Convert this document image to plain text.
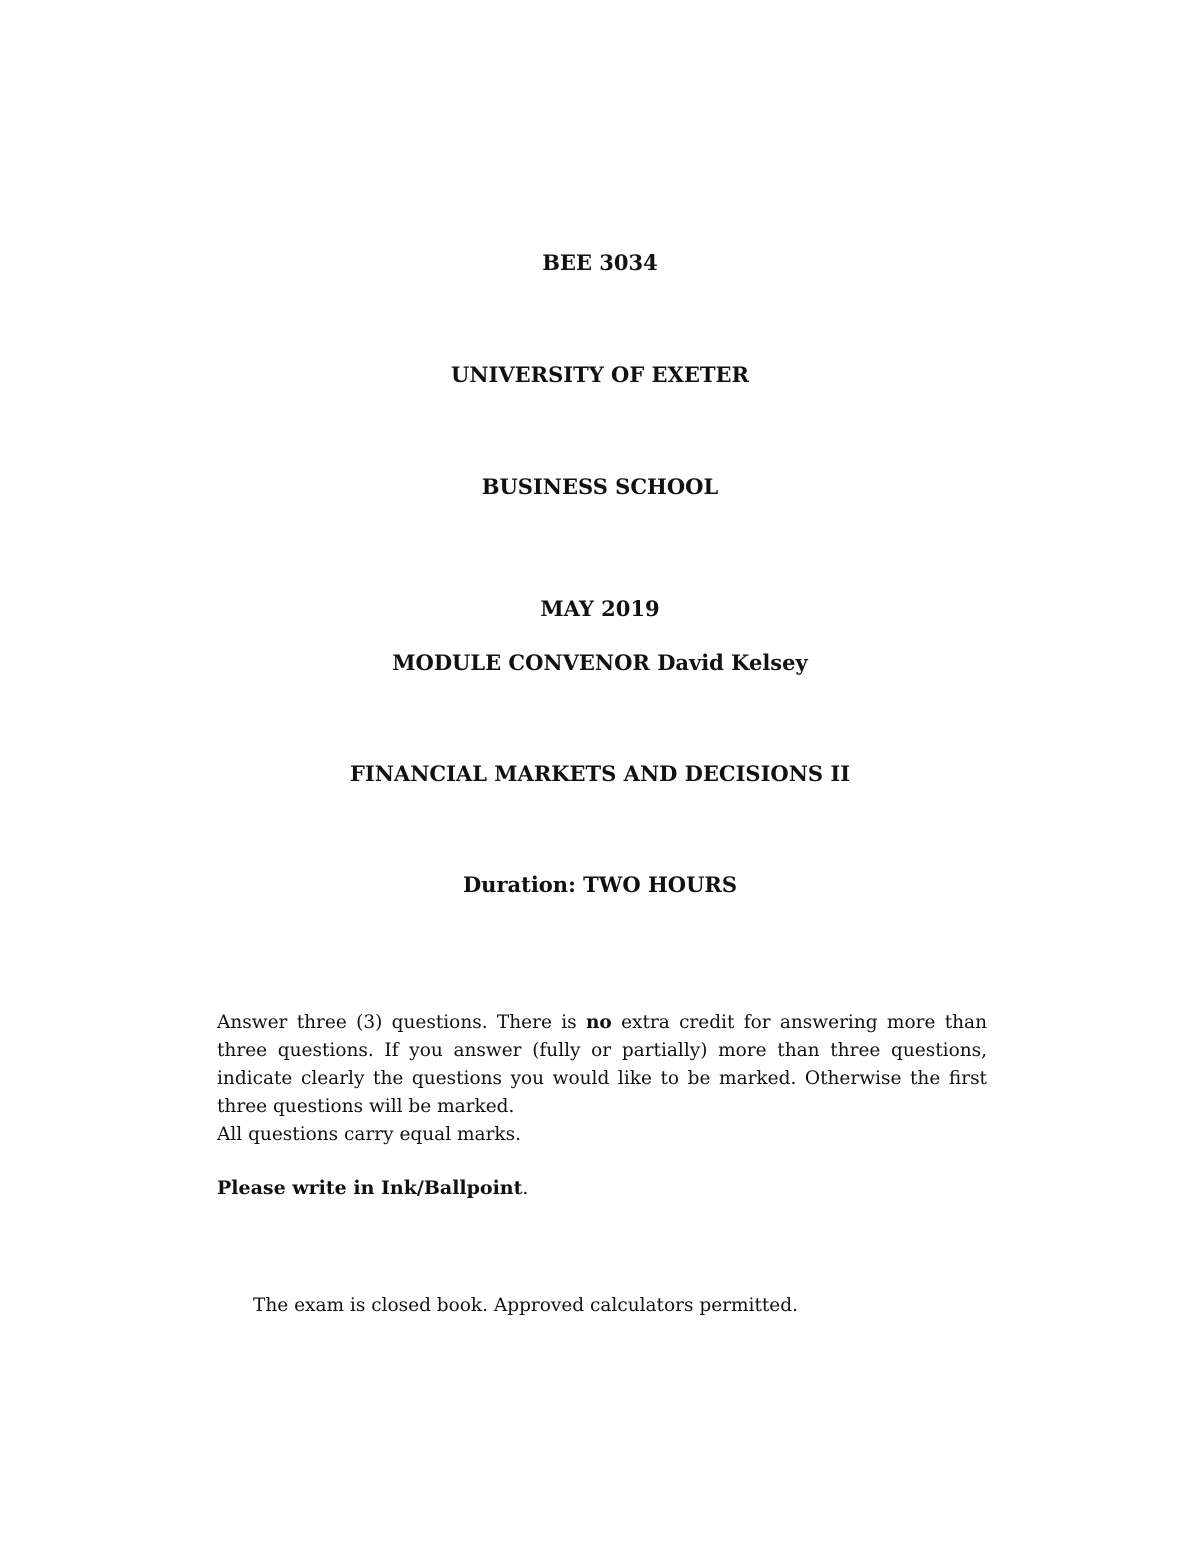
BEE 3034
UNIVERSITY OF EXETER
BUSINESS SCHOOL
MAY 2019
MODULE CONVENOR David Kelsey
FINANCIAL MARKETS AND DECISIONS II
Duration: TWO HOURS

Answer three (3) questions. There is no extra credit for answering more than three questions. If you answer (fully or partially) more than three questions, indicate clearly the questions you would like to be marked. Otherwise the first three questions will be marked.

All questions carry equal marks.

Please write in Ink/Ballpoint.
The exam is closed book. Approved calculators permitted.
